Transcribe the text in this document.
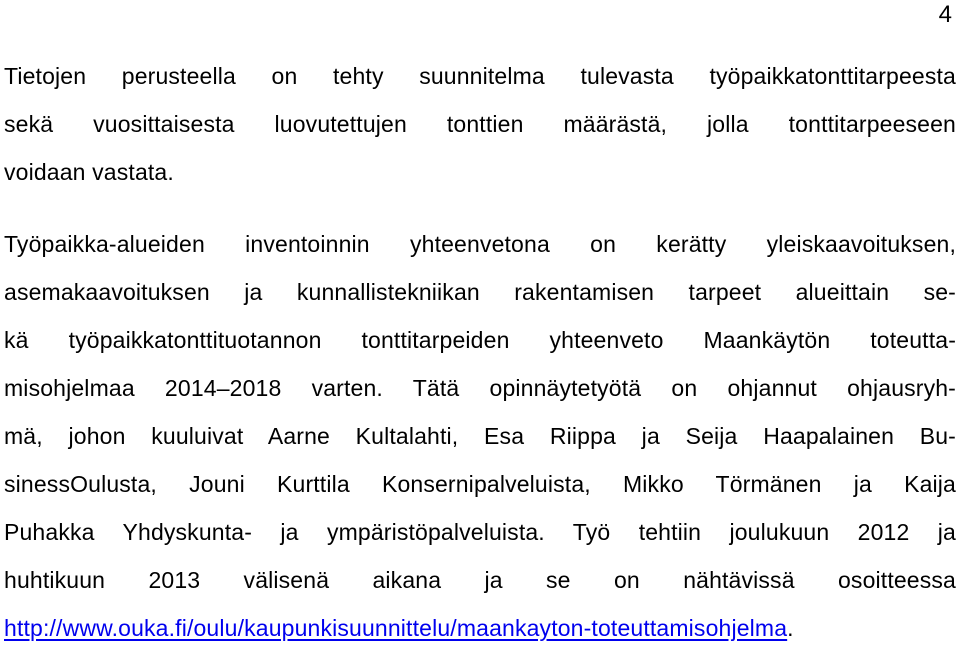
4
Tietojen perusteella on tehty suunnitelma tulevasta työpaikkatonttitarpeesta
sekä vuosittaisesta luovutettujen tonttien määrästä, jolla tonttitarpeeseen
voidaan vastata.
Työpaikka-alueiden inventoinnin yhteenvetona on kerätty yleiskaavoituksen,
asemakaavoituksen ja kunnallistekniikan rakentamisen tarpeet alueittain se-
kä työpaikkatonttituotannon tonttitarpeiden yhteenveto Maankäytön toteutta-
misohjelmaa 2014–2018 varten. Tätä opinnäytetyötä on ohjannut ohjausryh-
mä, johon kuuluivat Aarne Kultalahti, Esa Riippa ja Seija Haapalainen Bu-
sinessOulusta, Jouni Kurttila Konsernipalveluista, Mikko Törmänen ja Kaija
Puhakka Yhdyskunta- ja ympäristöpalveluista. Työ tehtiin joulukuun 2012 ja
huhtikuun 2013 välisenä aikana ja se on nähtävissä osoitteessa
http://www.ouka.fi/oulu/kaupunkisuunnittelu/maankayton-toteuttamisohjelma.
